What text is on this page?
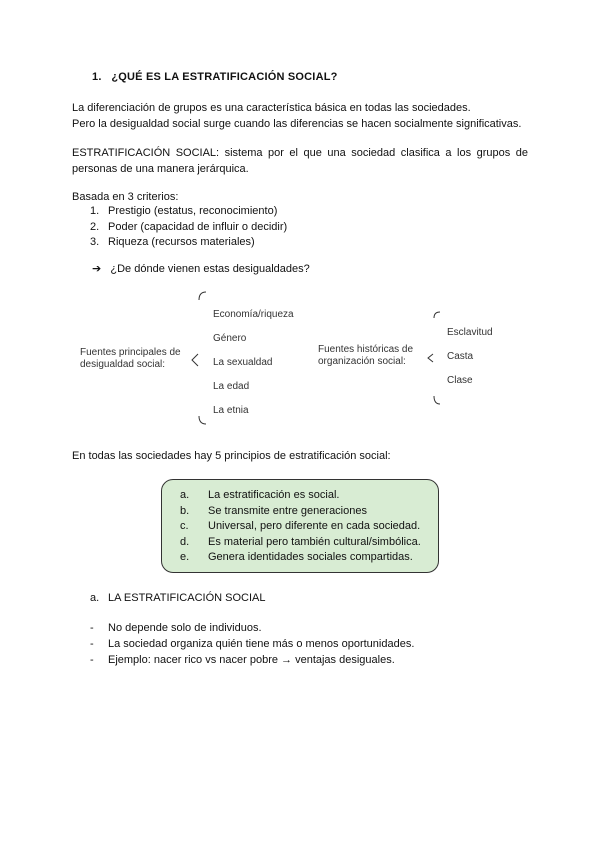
1. ¿QUÉ ES LA ESTRATIFICACIÓN SOCIAL?
La diferenciación de grupos es una característica básica en todas las sociedades.
Pero la desigualdad social surge cuando las diferencias se hacen socialmente significativas.
ESTRATIFICACIÓN SOCIAL: sistema por el que una sociedad clasifica a los grupos de
personas de una manera jerárquica.
Basada en 3 criterios:
1. Prestigio (estatus, reconocimiento)
2. Poder (capacidad de influir o decidir)
3. Riqueza (recursos materiales)
➔ ¿De dónde vienen estas desigualdades?
Fuentes principales de
desigualdad social:
Economía/riqueza
Género
La sexualdad
La edad
La etnia
Fuentes históricas de
organización social:
Esclavitud
Casta
Clase
En todas las sociedades hay 5 principios de estratificación social:
a. La estratificación es social.
b. Se transmite entre generaciones
c. Universal, pero diferente en cada sociedad.
d. Es material pero también cultural/simbólica.
e. Genera identidades sociales compartidas.
a. LA ESTRATIFICACIÓN SOCIAL
- No depende solo de individuos.
- La sociedad organiza quién tiene más o menos oportunidades.
- Ejemplo: nacer rico vs nacer pobre → ventajas desiguales.
